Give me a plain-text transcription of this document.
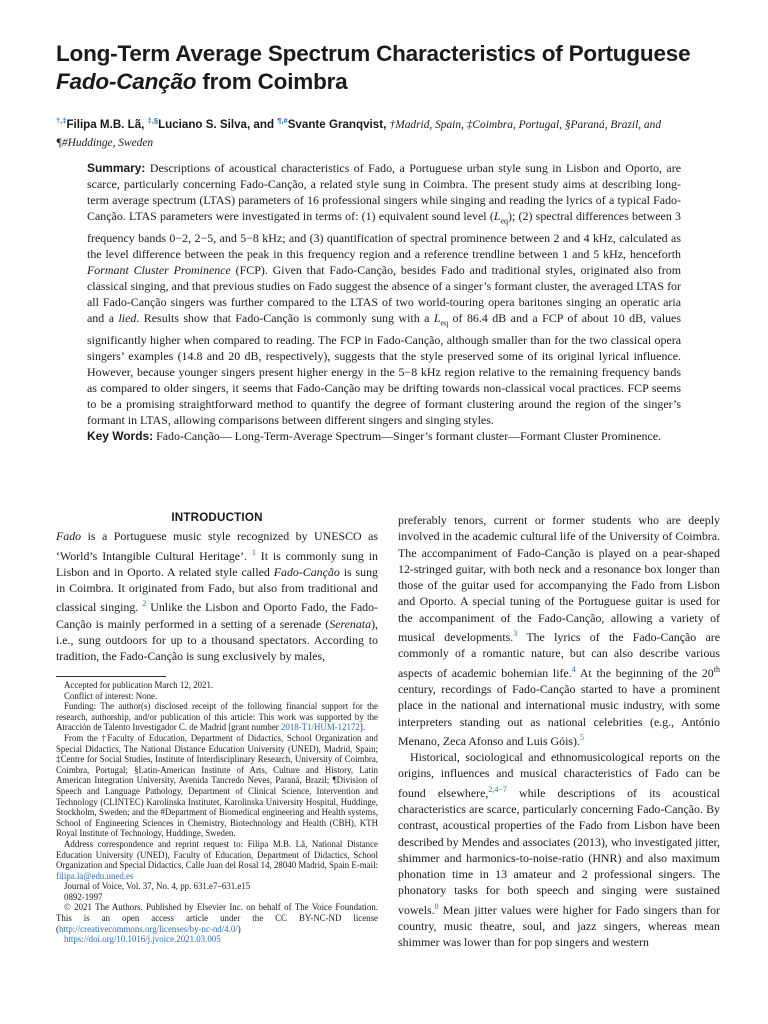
Long-Term Average Spectrum Characteristics of Portuguese
Fado-Canção from Coimbra
†,‡Filipa M.B. Lã, ‡,§Luciano S. Silva, and ¶,#Svante Granqvist, †Madrid, Spain, ‡Coimbra, Portugal, §Paraná, Brazil, and
¶#Huddinge, Sweden
Summary: Descriptions of acoustical characteristics of Fado, a Portuguese urban style sung in Lisbon and Oporto, are scarce, particularly concerning Fado-Canção, a related style sung in Coimbra. The present study aims at describing long-term average spectrum (LTAS) parameters of 16 professional singers while singing and reading the lyrics of a typical Fado-Canção. LTAS parameters were investigated in terms of: (1) equivalent sound level $(L_{eq})$; (2) spectral differences between 3 frequency bands 0−2, 2−5, and 5−8 kHz; and (3) quantification of spectral prominence between 2 and 4 kHz, calculated as the level difference between the peak in this frequency region and a reference trendline between 1 and 5 kHz, henceforth Formant Cluster Prominence (FCP). Given that Fado-Canção, besides Fado and traditional styles, originated also from classical singing, and that previous studies on Fado suggest the absence of a singer’s formant cluster, the averaged LTAS for all Fado-Canção singers was further compared to the LTAS of two world-touring opera baritones singing an operatic aria and a lied. Results show that Fado-Canção is commonly sung with a $L_{eq}$ of 86.4 dB and a FCP of about 10 dB, values significantly higher when compared to reading. The FCP in Fado-Canção, although smaller than for the two classical opera singers’ examples (14.8 and 20 dB, respectively), suggests that the style preserved some of its original lyrical influence. However, because younger singers present higher energy in the 5−8 kHz region relative to the remaining frequency bands as compared to older singers, it seems that Fado-Canção may be drifting towards non-classical vocal practices. FCP seems to be a promising straightforward method to quantify the degree of formant clustering around the region of the singer’s formant in LTAS, allowing comparisons between different singers and singing styles.
Key Words: Fado-Canção— Long-Term-Average Spectrum—Singer’s formant cluster—Formant Cluster Prominence.
INTRODUCTION

Fado is a Portuguese music style recognized by UNESCO as ‘World’s Intangible Cultural Heritage’. $^1$ It is commonly sung in Lisbon and in Oporto. A related style called Fado-Canção is sung in Coimbra. It originated from Fado, but also from traditional and classical singing. $^2$ Unlike the Lisbon and Oporto Fado, the Fado-Canção is mainly performed in a setting of a serenade (Serenata), i.e., sung outdoors for up to a thousand spectators. According to tradition, the Fado-Canção is sung exclusively by males,

Accepted for publication March 12, 2021.

Conflict of interest: None.

Funding: The author(s) disclosed receipt of the following financial support for the research, authorship, and/or publication of this article: This work was supported by the Atracción de Talento Investigador C. de Madrid [grant number 2018-T1/HUM-12172].

From the †Faculty of Education, Department of Didactics, School Organization and Special Didactics, The National Distance Education University (UNED), Madrid, Spain; ‡Centre for Social Studies, Institute of Interdisciplinary Research, University of Coimbra, Coimbra, Portugal; §Latin-American Institute of Arts, Culture and History, Latin American Integration University, Avenida Tancredo Neves, Paraná, Brazil; ¶Division of Speech and Language Pathology, Department of Clinical Science, Intervention and Technology (CLINTEC) Karolinska Institutet, Karolinska University Hospital, Huddinge, Stockholm, Sweden; and the #Department of Biomedical engineering and Health systems, School of Engineering Sciences in Chemistry, Biotechnology and Health (CBH), KTH Royal Institute of Technology, Huddinge, Sweden.

Address correspondence and reprint request to: Filipa M.B. Lã, National Distance Education University (UNED), Faculty of Education, Department of Didactics, School Organization and Special Didactics, Calle Juan del Rosal 14, 28040 Madrid, Spain E-mail: filipa.la@edu.uned.es

Journal of Voice, Vol. 37, No. 4, pp. 631.e7–631.e15

0892-1997

© 2021 The Authors. Published by Elsevier Inc. on behalf of The Voice Foundation. This is an open access article under the CC BY-NC-ND license (http://creativecommons.org/licenses/by-nc-nd/4.0/)

https://doi.org/10.1016/j.jvoice.2021.03.005

preferably tenors, current or former students who are deeply involved in the academic cultural life of the University of Coimbra. The accompaniment of Fado-Canção is played on a pear-shaped 12-stringed guitar, with both neck and a resonance box longer than those of the guitar used for accompanying the Fado from Lisbon and Oporto. A special tuning of the Portuguese guitar is used for the accompaniment of the Fado-Canção, allowing a variety of musical developments.$^3$ The lyrics of the Fado-Canção are commonly of a romantic nature, but can also describe various aspects of academic bohemian life.$^4$ At the beginning of the 20th century, recordings of Fado-Canção started to have a prominent place in the national and international music industry, with some interpreters standing out as national celebrities (e.g., António Menano, Zeca Afonso and Luis Góis).$^5$

Historical, sociological and ethnomusicological reports on the origins, influences and musical characteristics of Fado can be found elsewhere,$^{2,4-7}$ while descriptions of its acoustical characteristics are scarce, particularly concerning Fado-Canção. By contrast, acoustical properties of the Fado from Lisbon have been described by Mendes and associates (2013), who investigated jitter, shimmer and harmonics-to-noise-ratio (HNR) and also maximum phonation time in 13 amateur and 2 professional singers. The phonatory tasks for both speech and singing were sustained vowels.$^8$ Mean jitter values were higher for Fado singers than for country, music theatre, soul, and jazz singers, whereas mean shimmer was lower than for pop singers and western
